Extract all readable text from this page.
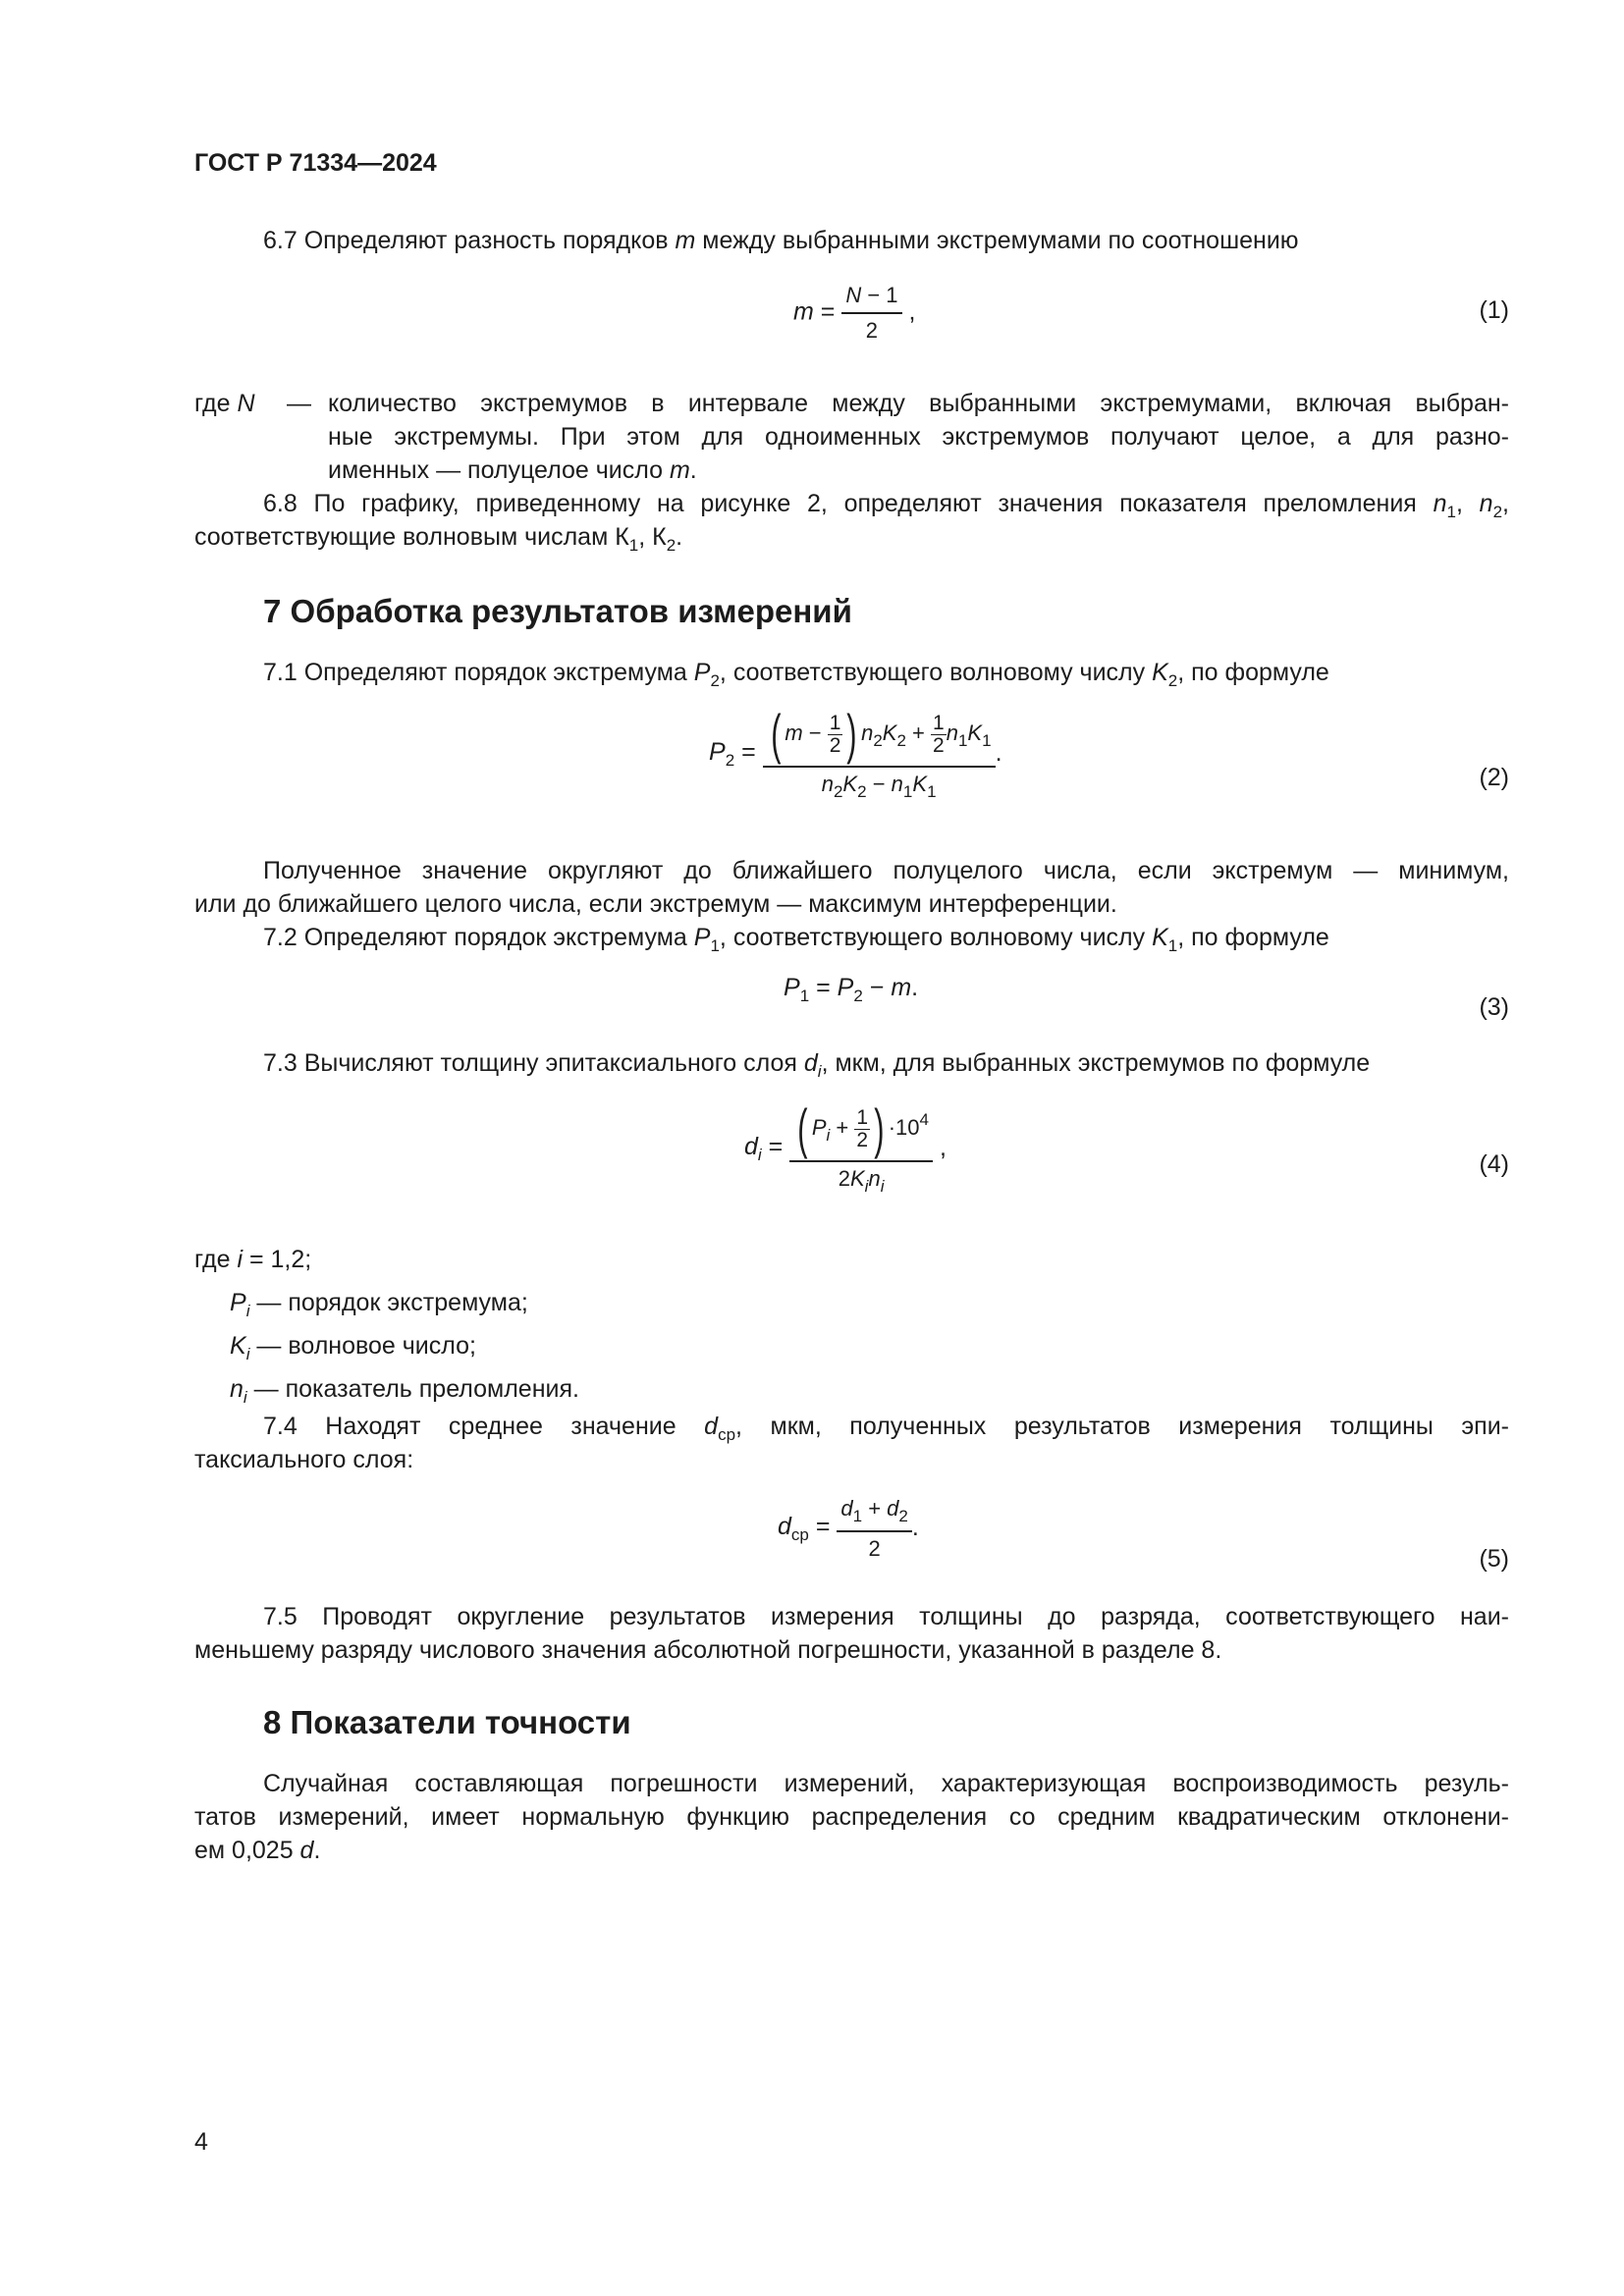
ГОСТ Р 71334—2024
6.7 Определяют разность порядков m между выбранными экстремумами по соотношению
$m = \frac{N - 1}{2}$ ,	(1)
где N — количество экстремумов в интервале между выбранными экстремумами, включая выбран-
ные экстремумы. При этом для одноименных экстремумов получают целое, а для разно-
именных — полуцелое число m.
6.8 По графику, приведенному на рисунке 2, определяют значения показателя преломления $n_1$, $n_2$,
соответствующие волновым числам $К_1$, $К_2$.
7 Обработка результатов измерений
7.1 Определяют порядок экстремума $P_2$, соответствующего волновому числу $K_2$, по формуле
$P_2 = \frac{( m - \frac{1}{2} ) n_2K_2 + \frac{1}{2} n_1K_1}{n_2K_2 - n_1K_1}$ .
(2)
Полученное значение округляют до ближайшего полуцелого числа, если экстремум — минимум,
или до ближайшего целого числа, если экстремум — максимум интерференции.
7.2 Определяют порядок экстремума $P_1$, соответствующего волновому числу $K_1$, по формуле
$P_1 = P_2 - m$.
(3)
7.3 Вычисляют толщину эпитаксиального слоя $d_i$, мкм, для выбранных экстремумов по формуле
$d_i = \frac{( P_i + \frac{1}{2} ) \cdot 10^4}{2K_in_i}$ ,
(4)
где i = 1,2;
$P_i$ — порядок экстремума;
$K_i$ — волновое число;
$n_i$ — показатель преломления.
7.4 Находят среднее значение $d_{ср}$, мкм, полученных результатов измерения толщины эпи-
таксиального слоя:
$d_{ср} = \frac{d_1 + d_2}{2}$ .
(5)
7.5 Проводят округление результатов измерения толщины до разряда, соответствующего наи-
меньшему разряду числового значения абсолютной погрешности, указанной в разделе 8.
8 Показатели точности
Случайная составляющая погрешности измерений, характеризующая воспроизводимость резуль-
татов измерений, имеет нормальную функцию распределения со средним квадратическим отклонени-
ем 0,025 d.
4
